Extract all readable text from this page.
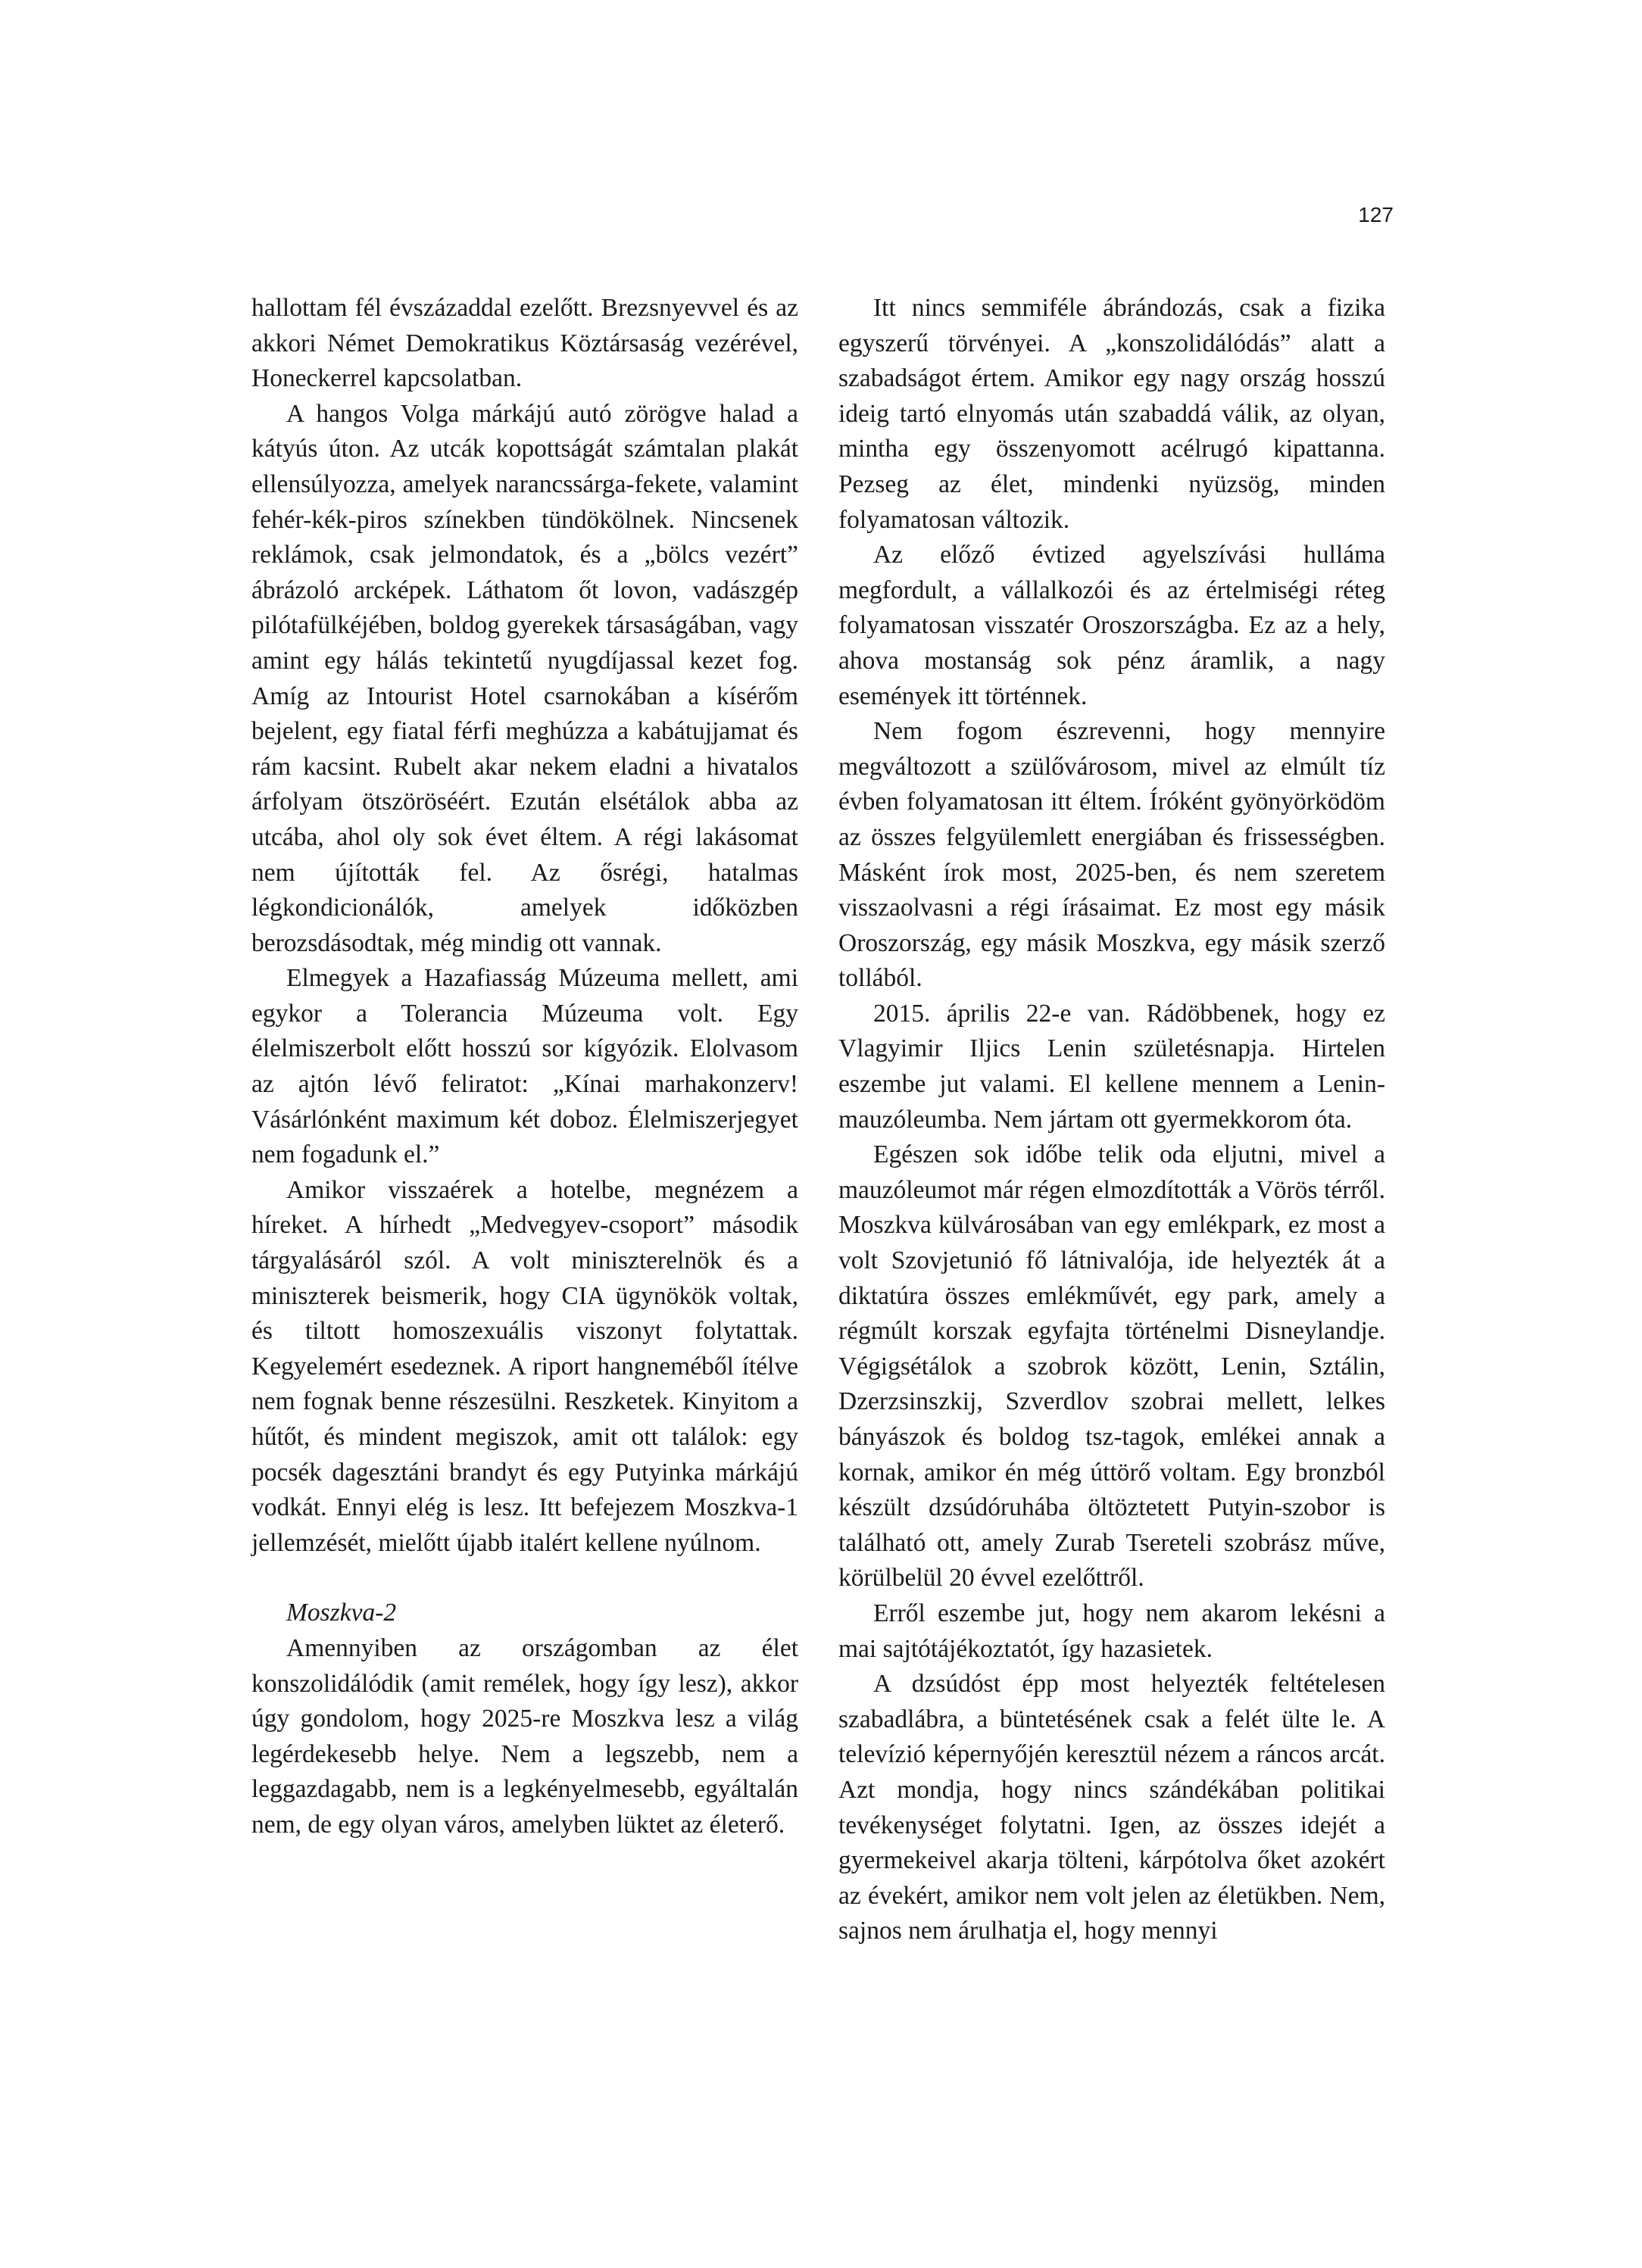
127

hallottam fél évszázaddal ezelőtt. Brezsnyevvel és az akkori Német Demokratikus Köztársaság vezérével, Honeckerrel kapcsolatban.

A hangos Volga márkájú autó zörögve halad a kátyús úton. Az utcák kopottságát számtalan plakát ellensúlyozza, amelyek narancssárga-fekete, valamint fehér-kék-piros színekben tündökölnek. Nincsenek reklámok, csak jelmondatok, és a „bölcs vezért” ábrázoló arcképek. Láthatom őt lovon, vadászgép pilótafülkéjében, boldog gyerekek társaságában, vagy amint egy hálás tekintetű nyugdíjassal kezet fog. Amíg az Intourist Hotel csarnokában a kísérőm bejelent, egy fiatal férfi meghúzza a kabátujjamat és rám kacsint. Rubelt akar nekem eladni a hivatalos árfolyam ötszöröséért. Ezután elsétálok abba az utcába, ahol oly sok évet éltem. A régi lakásomat nem újították fel. Az ősrégi, hatalmas légkondicionálók, amelyek időközben berozsdásodtak, még mindig ott vannak.

Elmegyek a Hazafiasság Múzeuma mellett, ami egykor a Tolerancia Múzeuma volt. Egy élelmiszerbolt előtt hosszú sor kígyózik. Elolvasom az ajtón lévő feliratot: „Kínai marhakonzerv! Vásárlónként maximum két doboz. Élelmiszerjegyet nem fogadunk el.”

Amikor visszaérek a hotelbe, megnézem a híreket. A hírhedt „Medvegyev-csoport” második tárgyalásáról szól. A volt miniszterelnök és a miniszterek beismerik, hogy CIA ügynökök voltak, és tiltott homoszexuális viszonyt folytattak. Kegyelemért esedeznek. A riport hangneméből ítélve nem fognak benne részesülni. Reszketek. Kinyitom a hűtőt, és mindent megiszok, amit ott találok: egy pocsék dagesztáni brandyt és egy Putyinka márkájú vodkát. Ennyi elég is lesz. Itt befejezem Moszkva-1 jellemzését, mielőtt újabb italért kellene nyúlnom.

Moszkva-2

Amennyiben az országomban az élet konszolidálódik (amit remélek, hogy így lesz), akkor úgy gondolom, hogy 2025-re Moszkva lesz a világ legérdekesebb helye. Nem a legszebb, nem a leggazdagabb, nem is a legkényelmesebb, egyáltalán nem, de egy olyan város, amelyben lüktet az életerő.

Itt nincs semmiféle ábrándozás, csak a fizika egyszerű törvényei. A „konszolidálódás” alatt a szabadságot értem. Amikor egy nagy ország hosszú ideig tartó elnyomás után szabaddá válik, az olyan, mintha egy összenyomott acélrugó kipattanna. Pezseg az élet, mindenki nyüzsög, minden folyamatosan változik.

Az előző évtized agyelszívási hulláma megfordult, a vállalkozói és az értelmiségi réteg folyamatosan visszatér Oroszországba. Ez az a hely, ahova mostanság sok pénz áramlik, a nagy események itt történnek.

Nem fogom észrevenni, hogy mennyire megváltozott a szülővárosom, mivel az elmúlt tíz évben folyamatosan itt éltem. Íróként gyönyörködöm az összes felgyülemlett energiában és frissességben. Másként írok most, 2025-ben, és nem szeretem visszaolvasni a régi írásaimat. Ez most egy másik Oroszország, egy másik Moszkva, egy másik szerző tollából.

2015. április 22-e van. Rádöbbenek, hogy ez Vlagyimir Iljics Lenin születésnapja. Hirtelen eszembe jut valami. El kellene mennem a Lenin-mauzóleumba. Nem jártam ott gyermekkorom óta.

Egészen sok időbe telik oda eljutni, mivel a mauzóleumot már régen elmozdították a Vörös térről. Moszkva külvárosában van egy emlékpark, ez most a volt Szovjetunió fő látnivalója, ide helyezték át a diktatúra összes emlékművét, egy park, amely a régmúlt korszak egyfajta történelmi Disneylandje. Végigsétálok a szobrok között, Lenin, Sztálin, Dzerzsinszkij, Szverdlov szobrai mellett, lelkes bányászok és boldog tsz-tagok, emlékei annak a kornak, amikor én még úttörő voltam. Egy bronzból készült dzsúdóruhába öltöztetett Putyin-szobor is található ott, amely Zurab Tsereteli szobrász műve, körülbelül 20 évvel ezelőttről.

Erről eszembe jut, hogy nem akarom lekésni a mai sajtótájékoztatót, így hazasietek.

A dzsúdóst épp most helyezték feltételesen szabadlábra, a büntetésének csak a felét ülte le. A televízió képernyőjén keresztül nézem a ráncos arcát. Azt mondja, hogy nincs szándékában politikai tevékenységet folytatni. Igen, az összes idejét a gyermekeivel akarja tölteni, kárpótolva őket azokért az évekért, amikor nem volt jelen az életükben. Nem, sajnos nem árulhatja el, hogy mennyi
